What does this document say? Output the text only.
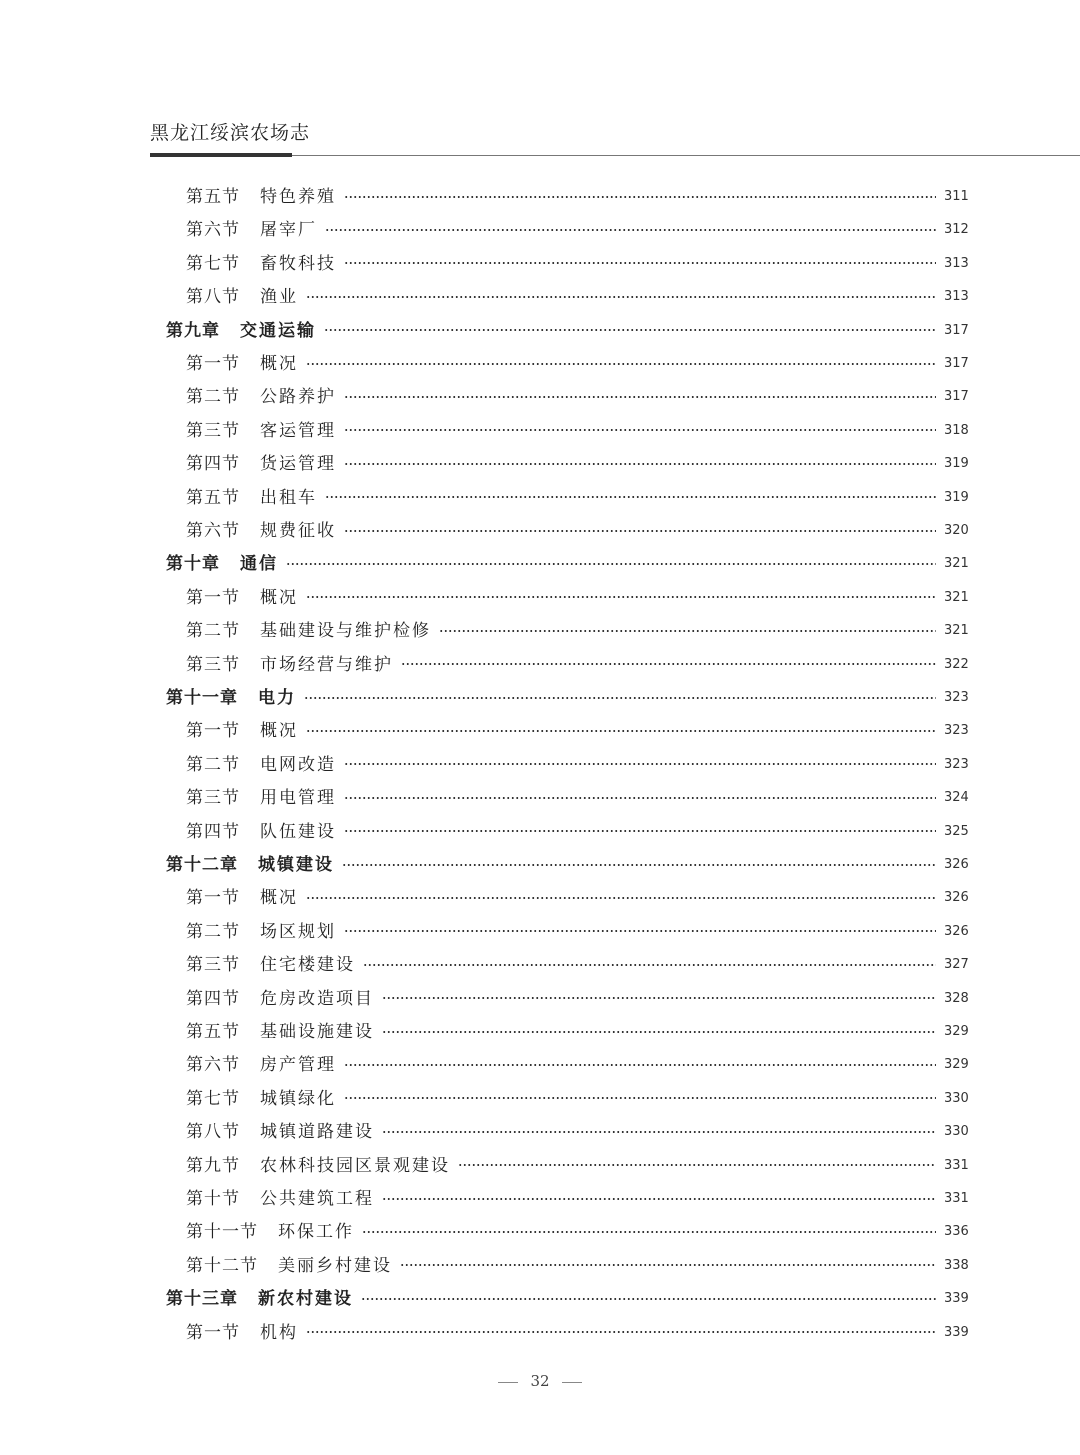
黑龙江绥滨农场志
第五节 特色养殖	311
第六节 屠宰厂	312
第七节 畜牧科技	313
第八节 渔业	313
第九章 交通运输	317
第一节 概况	317
第二节 公路养护	317
第三节 客运管理	318
第四节 货运管理	319
第五节 出租车	319
第六节 规费征收	320
第十章 通信	321
第一节 概况	321
第二节 基础建设与维护检修	321
第三节 市场经营与维护	322
第十一章 电力	323
第一节 概况	323
第二节 电网改造	323
第三节 用电管理	324
第四节 队伍建设	325
第十二章 城镇建设	326
第一节 概况	326
第二节 场区规划	326
第三节 住宅楼建设	327
第四节 危房改造项目	328
第五节 基础设施建设	329
第六节 房产管理	329
第七节 城镇绿化	330
第八节 城镇道路建设	330
第九节 农林科技园区景观建设	331
第十节 公共建筑工程	331
第十一节 环保工作	336
第十二节 美丽乡村建设	338
第十三章 新农村建设	339
第一节 机构	339
32
